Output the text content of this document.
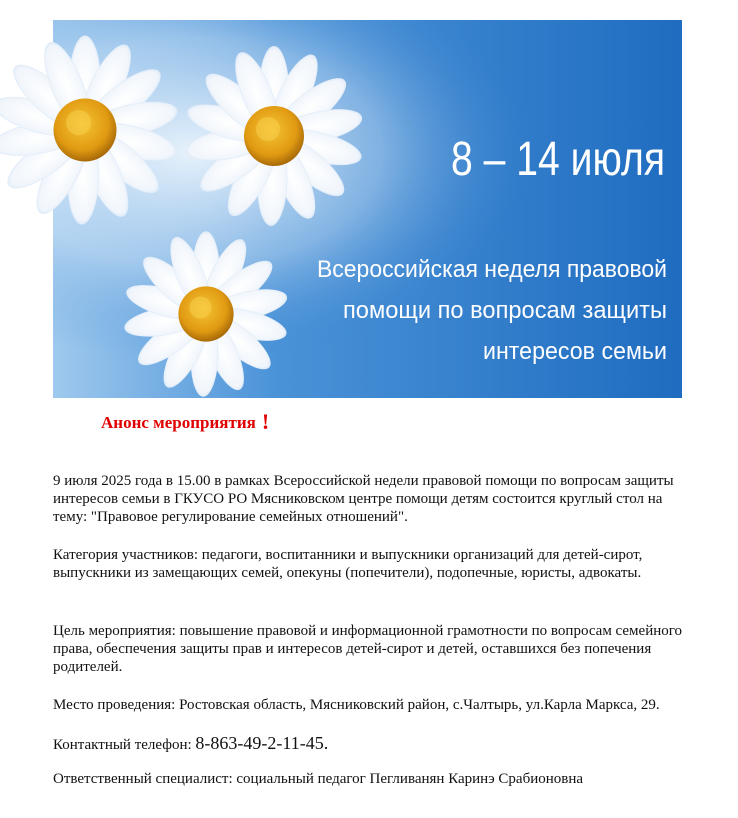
8 – 14 июля
Всероссийская неделя правовой
помощи по вопросам защиты
интересов семьи
Анонс мероприятия !

9 июля 2025 года в 15.00 в рамках Всероссийской недели правовой помощи по вопросам защиты интересов семьи в ГКУСО РО Мясниковском центре помощи детям состоится круглый стол на тему: "Правовое регулирование семейных отношений".

Категория участников: педагоги, воспитанники и выпускники организаций для детей-сирот, выпускники из замещающих семей, опекуны (попечители), подопечные, юристы, адвокаты.

Цель мероприятия: повышение правовой и информационной грамотности по вопросам семейного права, обеспечения защиты прав и интересов детей-сирот и детей, оставшихся без попечения родителей.

Место проведения: Ростовская область, Мясниковский район, с.Чалтырь, ул.Карла Маркса, 29.

Контактный телефон: 8-863-49-2-11-45.

Ответственный специалист: социальный педагог Пегливанян Каринэ Срабионовна
